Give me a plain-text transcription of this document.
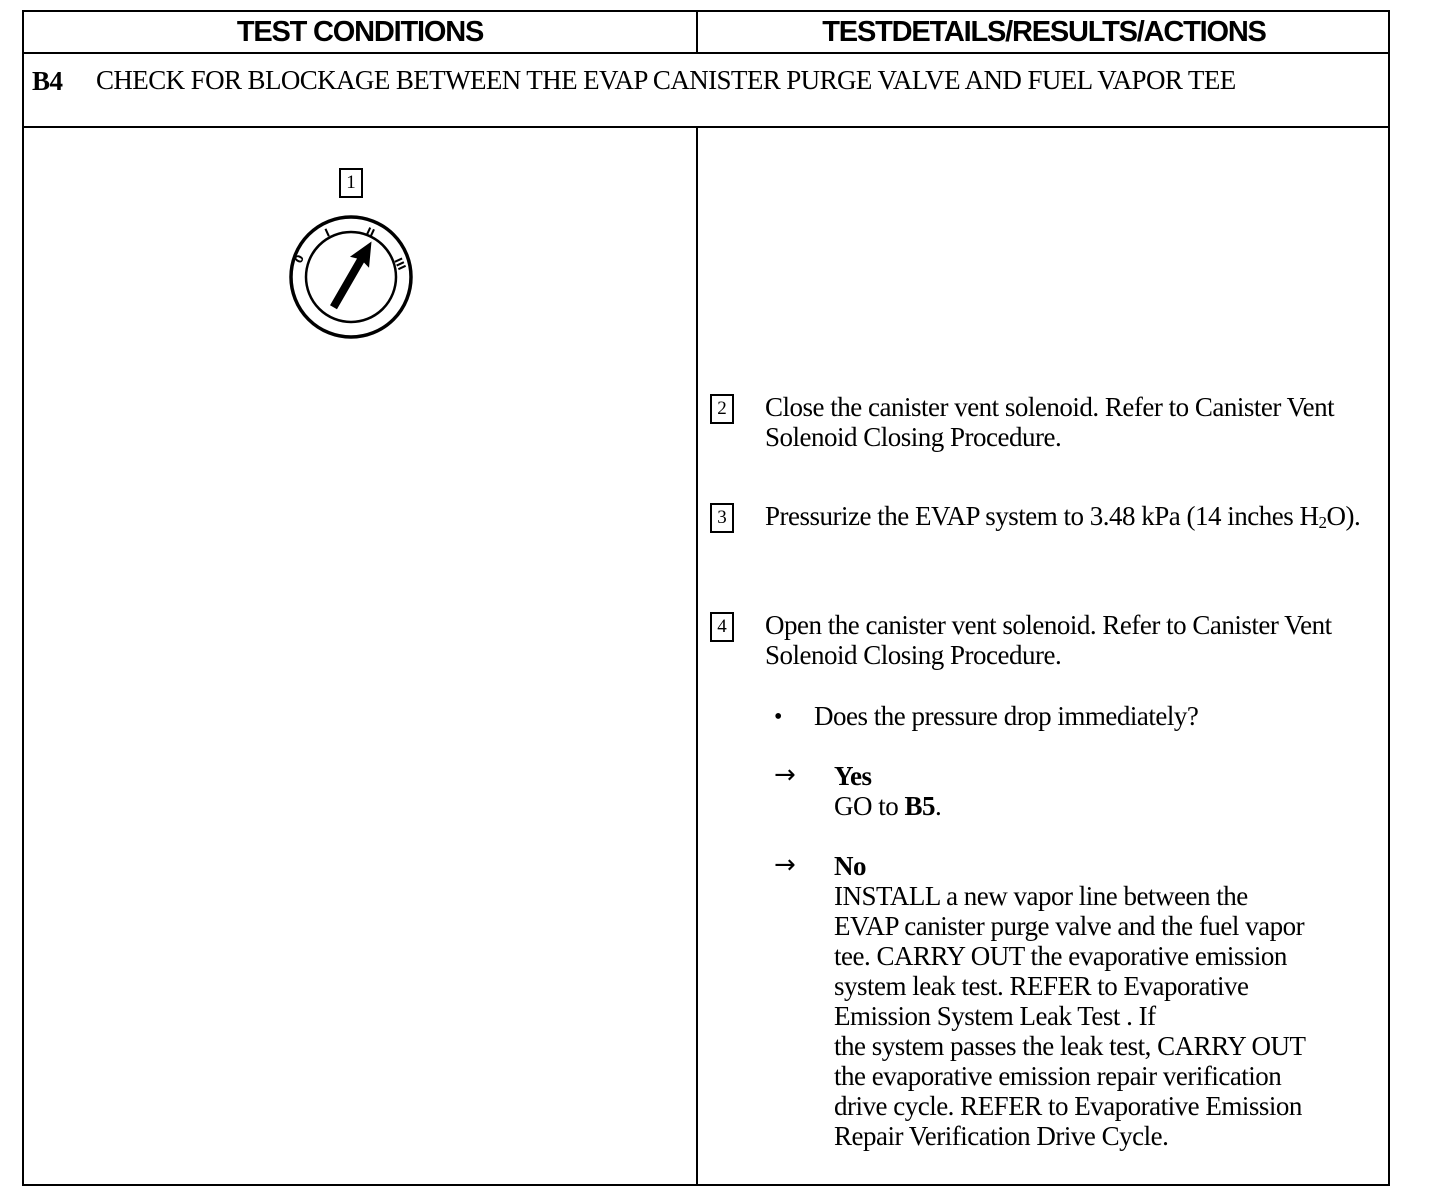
TEST CONDITIONS	TESTDETAILS/RESULTS/ACTIONS
B4 CHECK FOR BLOCKAGE BETWEEN THE EVAP CANISTER PURGE VALVE AND FUEL VAPOR TEE
1
0
I	II
III
2 Close the canister vent solenoid. Refer to Canister Vent Solenoid Closing Procedure.
3 Pressurize the EVAP system to 3.48 kPa (14 inches $H_2O$).
4 Open the canister vent solenoid. Refer to Canister Vent Solenoid Closing Procedure.
• Does the pressure drop immediately?
→ Yes
GO to B5.
→ No
INSTALL a new vapor line between the
EVAP canister purge valve and the fuel vapor
tee. CARRY OUT the evaporative emission
system leak test. REFER to Evaporative
Emission System Leak Test . If
the system passes the leak test, CARRY OUT
the evaporative emission repair verification
drive cycle. REFER to Evaporative Emission
Repair Verification Drive Cycle.
